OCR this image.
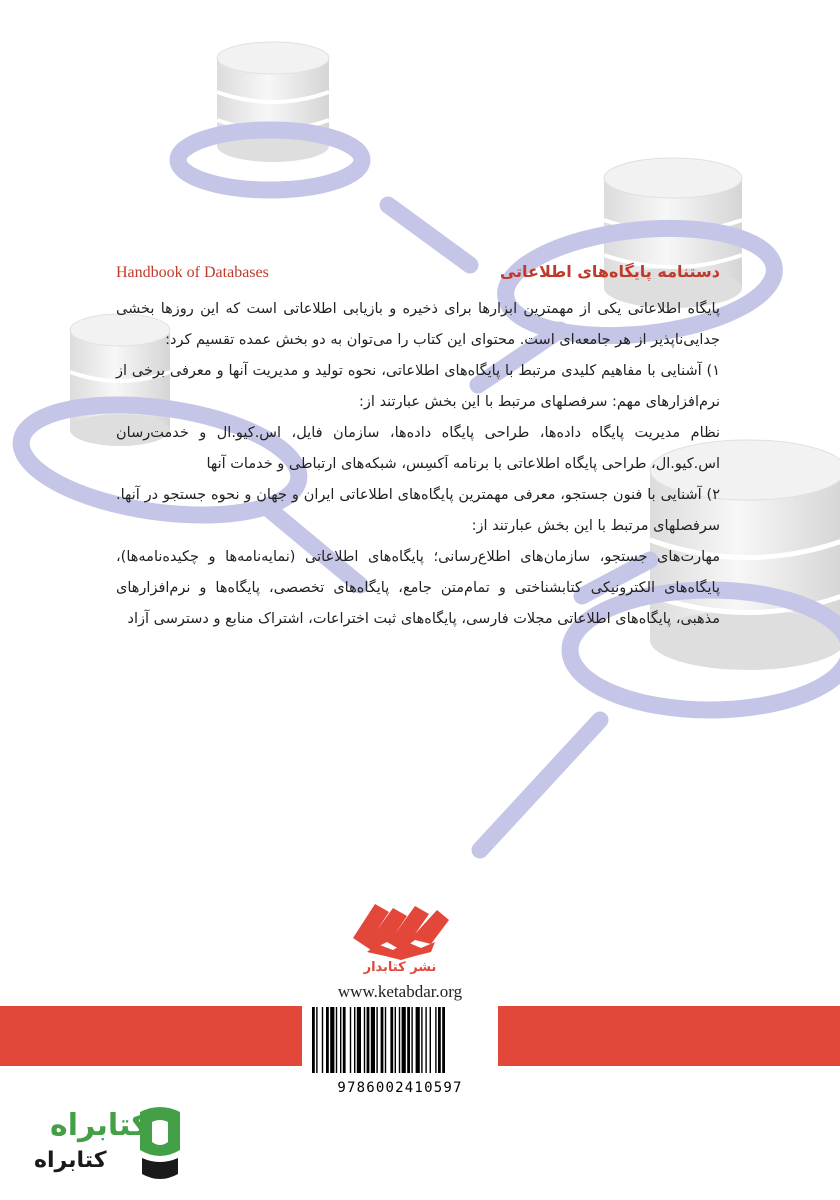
دستنامه پایگاه‌های اطلاعاتی
Handbook of Databases

پایگاه اطلاعاتی یکی از مهمترین ابزارها برای ذخیره و بازیابی اطلاعاتی است که این روزها بخشی جدایی‌ناپذیر از هر جامعه‌ای است. محتوای این کتاب را می‌توان به دو بخش عمده تقسیم کرد:

۱) آشنایی با مفاهیم کلیدی مرتبط با پایگاه‌های اطلاعاتی، نحوه تولید و مدیریت آنها و معرفی برخی از نرم‌افزارهای مهم: سرفصلهای مرتبط با این بخش عبارتند از:

نظام مدیریت پایگاه داده‌ها، طراحی پایگاه داده‌ها، سازمان فایل، اس.کیو.ال و خدمت‌رسان اس.کیو.ال، طراحی پایگاه اطلاعاتی با برنامه اَکسِس، شبکه‌های ارتباطی و خدمات آنها

۲) آشنایی با فنون جستجو، معرفی مهمترین پایگاه‌های اطلاعاتی ایران و جهان و نحوه جستجو در آنها. سرفصلهای مرتبط با این بخش عبارتند از:

مهارت‌های جستجو، سازمان‌های اطلاع‌رسانی؛ پایگاه‌های اطلاعاتی (نمایه‌نامه‌ها و چکیده‌نامه‌ها)، پایگاه‌های الکترونیکی کتابشناختی و تمام‌متن جامع، پایگاه‌های تخصصی، پایگاه‌ها و نرم‌افزارهای مذهبی، پایگاه‌های اطلاعاتی مجلات فارسی، پایگاه‌های ثبت اختراعات، اشتراک منابع و دسترسی آزاد

نشر کتابدار
www.ketabdar.org
9786002410597
کتابراه
کتابراه
